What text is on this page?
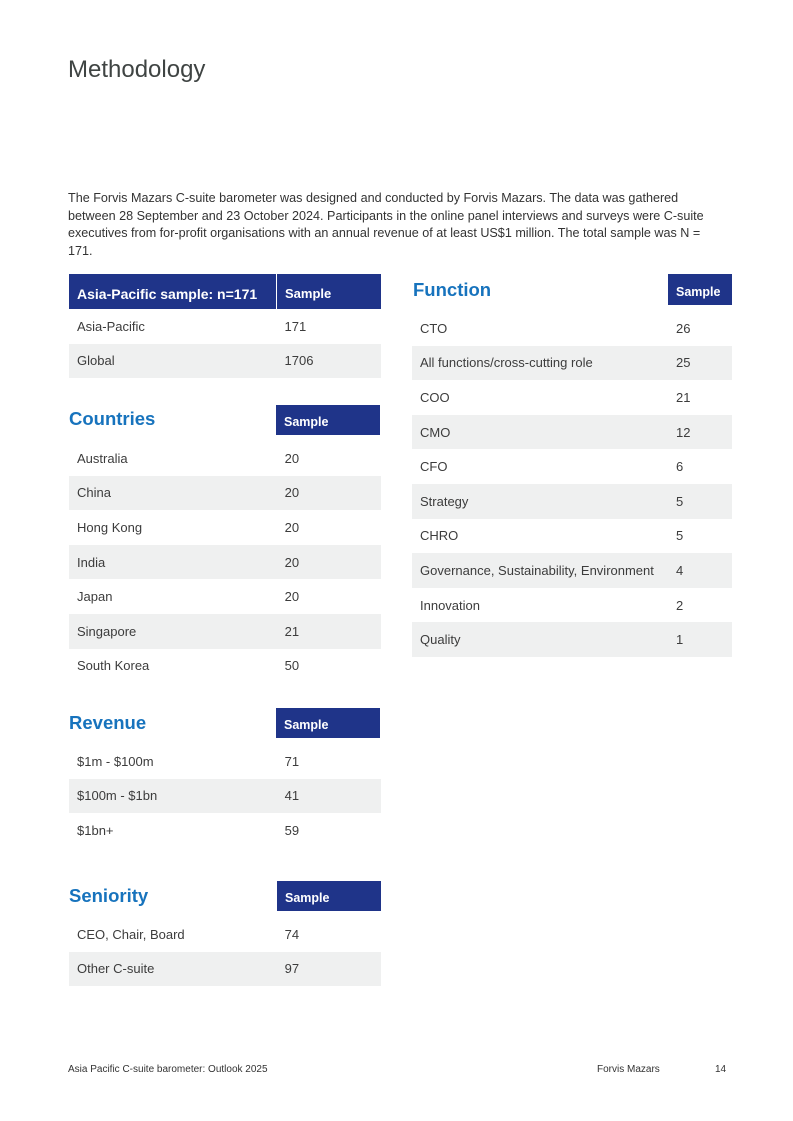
Methodology

The Forvis Mazars C-suite barometer was designed and conducted by Forvis Mazars. The data was gathered between 28 September and 23 October 2024. Participants in the online panel interviews and surveys were C-suite executives from for-profit organisations with an annual revenue of at least US$1 million. The total sample was N = 171.

Asia-Pacific sample: n=171	Sample
Asia-Pacific	171
Global	1706
Countries	Sample
Australia	20
China	20
Hong Kong	20
India	20
Japan	20
Singapore	21
South Korea	50
Revenue	Sample
$1m - $100m	71
$100m - $1bn	41
$1bn+	59
Seniority	Sample
CEO, Chair, Board	74
Other C-suite	97
Function	Sample
CTO	26
All functions/cross-cutting role	25
COO	21
CMO	12
CFO	6
Strategy	5
CHRO	5
Governance, Sustainability, Environment	4
Innovation	2
Quality	1
Asia Pacific C-suite barometer: Outlook 2025	Forvis Mazars	14
